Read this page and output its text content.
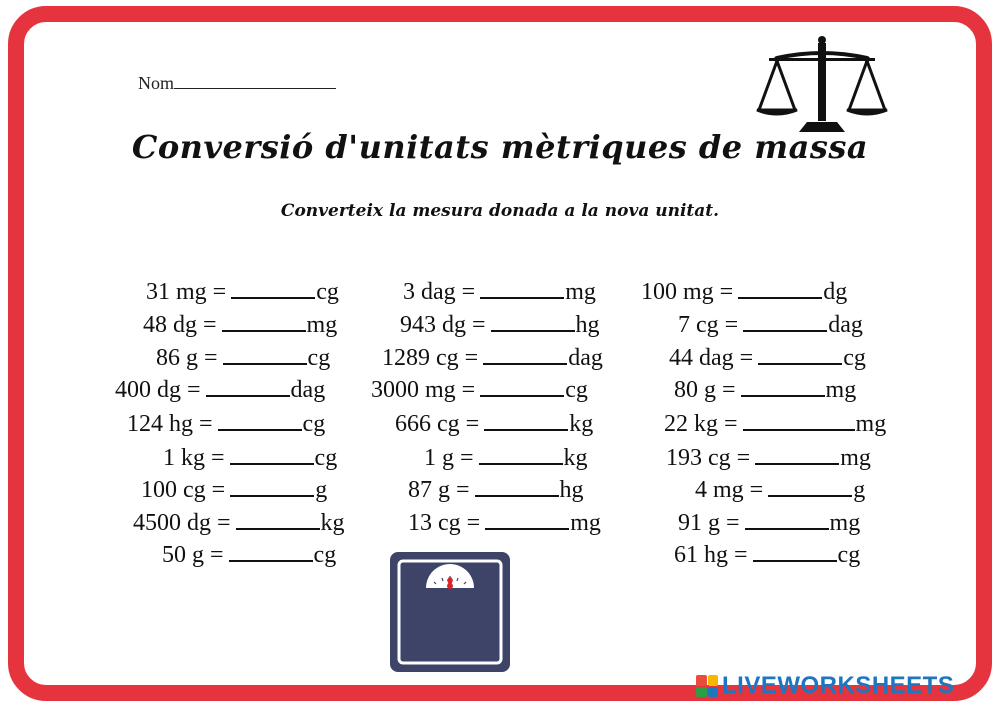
Nom
Conversió d'unitats mètriques de massa
Converteix la mesura donada a la nova unitat.
31 mg =	cg
48 dg =	mg
86 g =	cg
400 dg =	dag
124 hg =	cg
1 kg =	cg
100 cg =	g
4500 dg =	kg
50 g =	cg
3 dag =	mg
943 dg =	hg
1289 cg =	dag
3000 mg =	cg
666 cg =	kg
1 g =	kg
87 g =	hg
13 cg =	mg
100 mg =	dg
7 cg =	dag
44 dag =	cg
80 g =	mg
22 kg =	mg
193 cg =	mg
4 mg =	g
91 g =	mg
61 hg =	cg
LIVEWORKSHEETS
